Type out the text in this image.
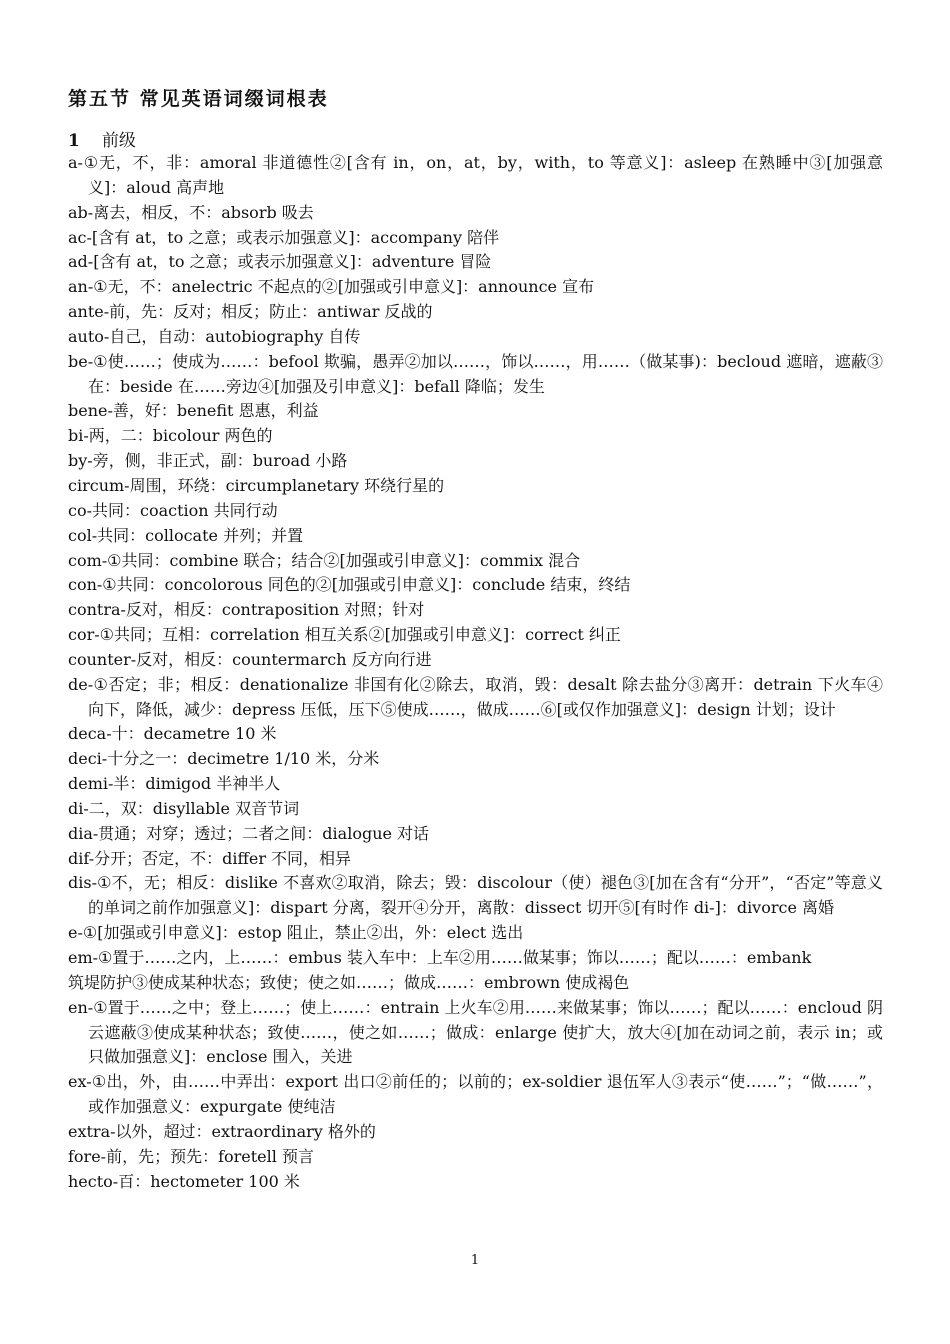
第五节 常见英语词缀词根表
1 前级
a-①无，不，非：amoral 非道德性②[含有 in，on，at，by，with，to 等意义]：asleep 在熟睡中③[加强意义]：aloud 高声地
ab-离去，相反，不：absorb 吸去
ac-[含有 at，to 之意；或表示加强意义]：accompany 陪伴
ad-[含有 at，to 之意；或表示加强意义]：adventure 冒险
an-①无，不：anelectric 不起点的②[加强或引申意义]：announce 宣布
ante-前，先：反对；相反；防止：antiwar 反战的
auto-自己，自动：autobiography 自传
be-①使……；使成为……：befool 欺骗，愚弄②加以……，饰以……，用……（做某事)：becloud 遮暗，遮蔽③在：beside 在……旁边④[加强及引申意义]：befall 降临；发生
bene-善，好：benefit 恩惠，利益
bi-两，二：bicolour 两色的
by-旁，侧，非正式，副：buroad 小路
circum-周围，环绕：circumplanetary 环绕行星的
co-共同：coaction 共同行动
col-共同：collocate 并列；并置
com-①共同：combine 联合；结合②[加强或引申意义]：commix 混合
con-①共同：concolorous 同色的②[加强或引申意义]：conclude 结束，终结
contra-反对，相反：contraposition 对照；针对
cor-①共同；互相：correlation 相互关系②[加强或引申意义]：correct 纠正
counter-反对，相反：countermarch 反方向行进
de-①否定；非；相反：denationalize 非国有化②除去，取消，毁：desalt 除去盐分③离开：detrain 下火车④向下，降低，减少：depress 压低，压下⑤使成……，做成……⑥[或仅作加强意义]：design 计划；设计
deca-十：decametre 10 米
deci-十分之一：decimetre 1/10 米，分米
demi-半：dimigod 半神半人
di-二，双：disyllable 双音节词
dia-贯通；对穿；透过；二者之间：dialogue 对话
dif-分开；否定，不：differ 不同，相异
dis-①不，无；相反：dislike 不喜欢②取消，除去；毁：discolour（使）褪色③[加在含有“分开”，“否定”等意义的单词之前作加强意义]：dispart 分离，裂开④分开，离散：dissect 切开⑤[有时作 di-]：divorce 离婚
e-①[加强或引申意义]：estop 阻止，禁止②出，外：elect 选出
em-①置于……之内，上……：embus 装入车中：上车②用……做某事；饰以……；配以……：embank
筑堤防护③使成某种状态；致使；使之如……；做成……：embrown 使成褐色
en-①置于……之中；登上……；使上……：entrain 上火车②用……来做某事；饰以……；配以……：encloud 阴云遮蔽③使成某种状态；致使……，使之如……；做成：enlarge 使扩大，放大④[加在动词之前，表示 in；或只做加强意义]：enclose 围入，关进
ex-①出，外，由……中弄出：export 出口②前任的；以前的；ex-soldier 退伍军人③表示“使……”；“做……”，或作加强意义：expurgate 使纯洁
extra-以外，超过：extraordinary 格外的
fore-前，先；预先：foretell 预言
hecto-百：hectometer 100 米
1
